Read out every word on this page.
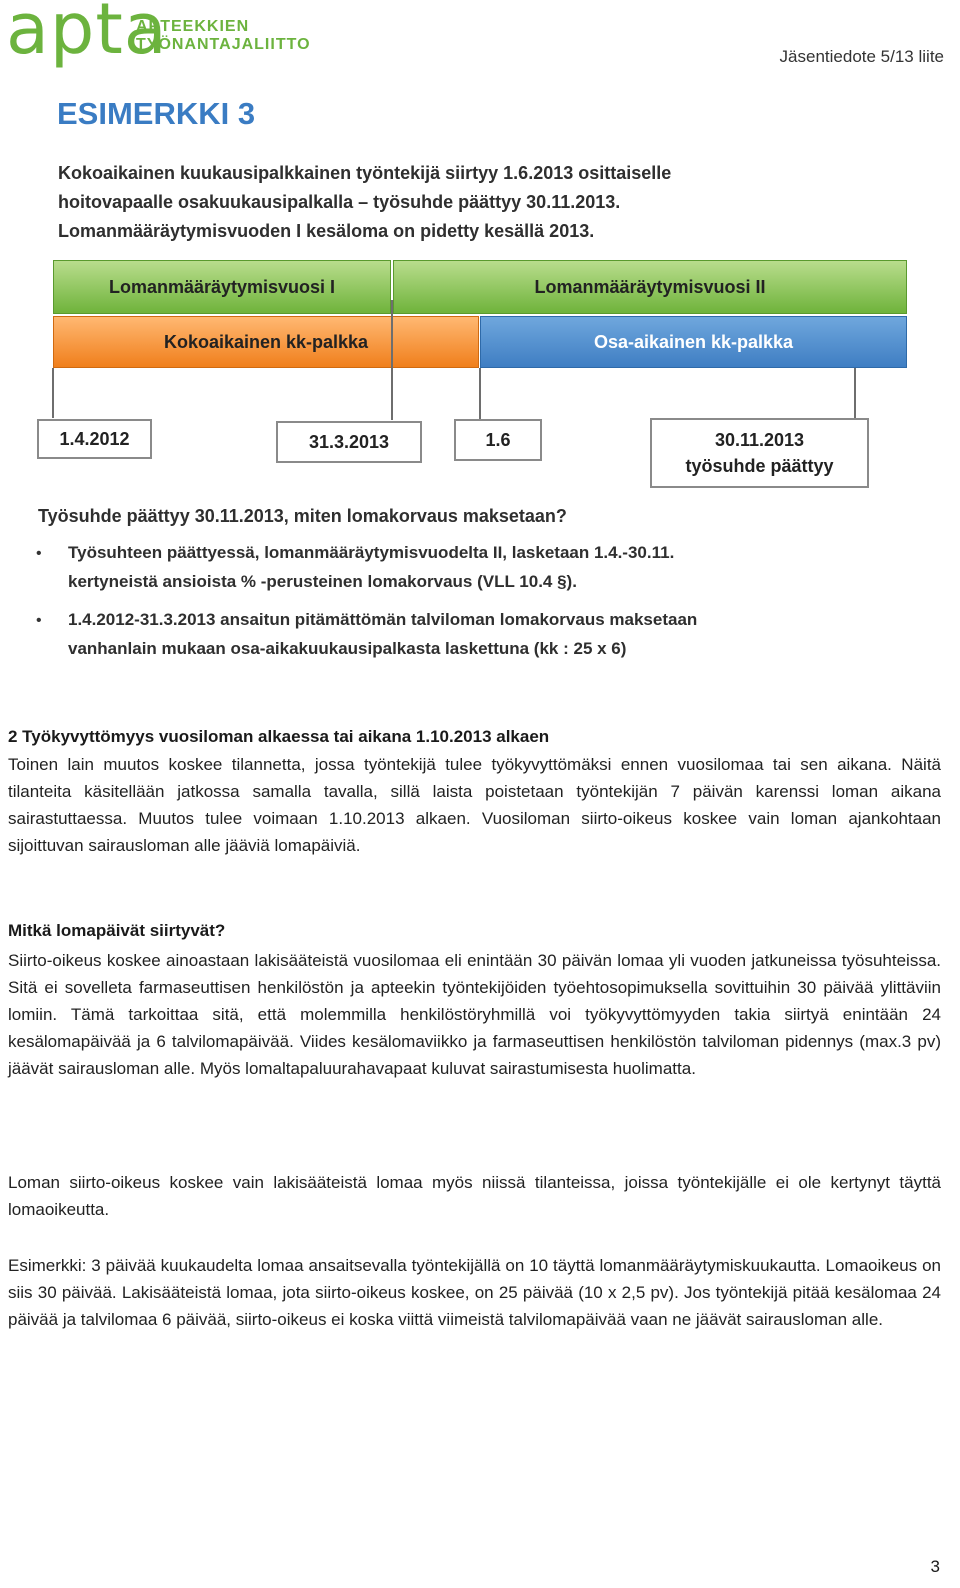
apta
APTEEKKIEN
TYÖNANTAJALIITTO
Jäsentiedote 5/13 liite
ESIMERKKI 3
Kokoaikainen kuukausipalkkainen työntekijä siirtyy 1.6.2013 osittaiselle
hoitovapaalle osakuukausipalkalla – työsuhde päättyy 30.11.2013.
Lomanmääräytymisvuoden I kesäloma on pidetty kesällä 2013.
Lomanmääräytymisvuosi I	Lomanmääräytymisvuosi II
Kokoaikainen kk-palkka	Osa-aikainen kk-palkka
1.4.2012	31.3.2013	1.6	30.11.2013
työsuhde päättyy
Työsuhde päättyy 30.11.2013, miten lomakorvaus maksetaan?
• Työsuhteen päättyessä, lomanmääräytymisvuodelta II, lasketaan 1.4.-30.11.
kertyneistä ansioista % -perusteinen lomakorvaus (VLL 10.4 §).
• 1.4.2012-31.3.2013 ansaitun pitämättömän talviloman lomakorvaus maksetaan
vanhanlain mukaan osa-aikakuukausipalkasta laskettuna (kk : 25 x 6)
2 Työkyvyttömyys vuosiloman alkaessa tai aikana 1.10.2013 alkaen

Toinen lain muutos koskee tilannetta, jossa työntekijä tulee työkyvyttömäksi ennen vuosilomaa tai sen aikana. Näitä tilanteita käsitellään jatkossa samalla tavalla, sillä laista poistetaan työntekijän 7 päivän karenssi loman aikana sairastuttaessa. Muutos tulee voimaan 1.10.2013 alkaen. Vuosiloman siirto-oikeus koskee vain loman ajankohtaan sijoittuvan sairausloman alle jääviä lomapäiviä.

Mitkä lomapäivät siirtyvät?

Siirto-oikeus koskee ainoastaan lakisääteistä vuosilomaa eli enintään 30 päivän lomaa yli vuoden jatkuneissa työsuhteissa. Sitä ei sovelleta farmaseuttisen henkilöstön ja apteekin työntekijöiden työehtosopimuksella sovittuihin 30 päivää ylittäviin lomiin. Tämä tarkoittaa sitä, että molemmilla henkilöstöryhmillä voi työkyvyttömyyden takia siirtyä enintään 24 kesälomapäivää ja 6 talvilomapäivää. Viides kesälomaviikko ja farmaseuttisen henkilöstön talviloman pidennys (max.3 pv) jäävät sairausloman alle. Myös lomaltapaluurahavapaat kuluvat sairastumisesta huolimatta.

Loman siirto-oikeus koskee vain lakisääteistä lomaa myös niissä tilanteissa, joissa työntekijälle ei ole kertynyt täyttä lomaoikeutta.

Esimerkki: 3 päivää kuukaudelta lomaa ansaitsevalla työntekijällä on 10 täyttä lomanmääräytymiskuukautta. Lomaoikeus on siis 30 päivää. Lakisääteistä lomaa, jota siirto-oikeus koskee, on 25 päivää (10 x 2,5 pv). Jos työntekijä pitää kesälomaa 24 päivää ja talvilomaa 6 päivää, siirto-oikeus ei koska viittä viimeistä talvilomapäivää vaan ne jäävät sairausloman alle.

3
